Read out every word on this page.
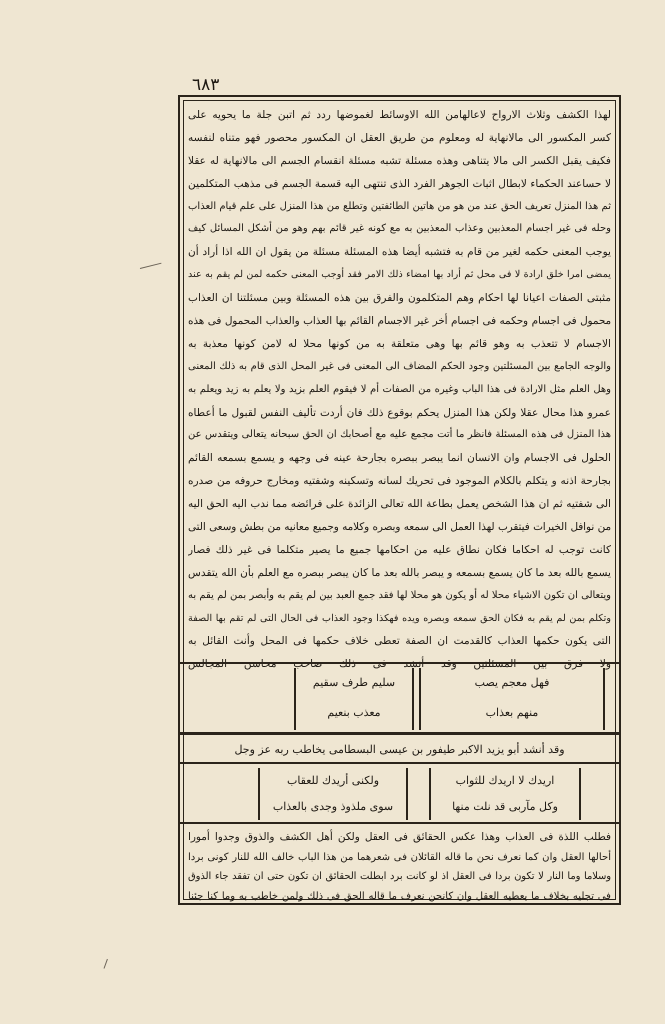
٦٨٣
لهذا الكشف وثلاث الارواح لاعالهامن الله الاوسائط لغموضها ردد ثم اتبن جلة ما يحويه على
كسر المكسور الى مالانهاية له ومعلوم من طريق العقل ان المكسور محصور فهو متناه لنفسه
فكيف يقبل الكسر الى مالا يتناهى وهذه مسئلة تشبه مسئلة انقسام الجسم الى مالانهاية له عقلا
لا حساعند الحكماء لابطال اثبات الجوهر الفرد الذى تنتهى اليه قسمة الجسم فى مذهب المتكلمين
ثم هذا المنزل تعريف الحق عند من هو من هاتين الطائفتين وتطلع من هذا المنزل على علم قيام العذاب
وحله فى غير اجسام المعذبين وعذاب المعذبين به مع كونه غير قائم بهم وهو من أشكل المسائل كيف
يوجب المعنى حكمه لغير من قام به فتشبه أيضا هذه المسئلة مسئلة من يقول ان الله اذا أراد أن
يمضى امرا خلق ارادة لا فى محل ثم أراد بها امضاء ذلك الامر فقد أوجب المعنى حكمه لمن لم يقم به عند
مثبتى الصفات اعيانا لها احكام وهم المتكلمون والفرق بين هذه المسئلة وبين مسئلتنا ان العذاب
محمول فى اجسام وحكمه فى اجسام أخر غير الاجسام القائم بها العذاب والعذاب المحمول فى هذه
الاجسام لا تتعذب به وهو قائم بها وهى متعلقة به من كونها محلا له لامن كونها معذبة به
والوجه الجامع بين المسئلتين وجود الحكم المضاف الى المعنى فى غير المحل الذى قام به ذلك المعنى
وهل العلم مثل الارادة فى هذا الباب وغيره من الصفات أم لا فيقوم العلم بزيد ولا يعلم به زيد ويعلم به
عمرو هذا محال عقلا ولكن هذا المنزل يحكم بوقوع ذلك فان أردت تأليف النفس لقبول ما أعطاه
هذا المنزل فى هذه المسئلة فانظر ما أتت مجمع عليه مع أصحابك ان الحق سبحانه يتعالى ويتقدس عن
الحلول فى الاجسام وان الانسان انما يبصر ببصره بجارحة عينه فى وجهه و يسمع بسمعه القائم
بجارحة اذنه و يتكلم بالكلام الموجود فى تحريك لسانه وتسكينه وشفتيه ومخارج حروفه من صدره
الى شفتيه ثم ان هذا الشخص يعمل بطاعة الله تعالى الزائدة على فرائضه مما ندب اليه الحق اليه
من نوافل الخيرات فيتقرب لهذا العمل الى سمعه وبصره وكلامه وجميع معانيه من بطش وسعى التى
كانت توجب له احكاما فكان نطاق عليه من احكامها جميع ما يصير متكلما فى غير ذلك فصار
يسمع بالله بعد ما كان يسمع بسمعه و يبصر بالله بعد ما كان يبصر ببصره مع العلم بأن الله يتقدس
ويتعالى ان تكون الاشياء محلا له أو يكون هو محلا لها فقد جمع العبد بين لم يقم به وأبصر بمن لم يقم به
وتكلم بمن لم يقم به فكان الحق سمعه وبصره ويده فهكذا وجود العذاب فى الحال التى لم تقم بها الصفة
التى يكون حكمها العذاب كالقدمت ان الصفة تعطى خلاف حكمها فى المحل وأنت القائل به
ولا فرق بين المسئلتين وقد أنشد فى ذلك صاحب محاسن المجالس
فهل معجم يصب
منهم بعذاب
سليم طرف سقيم
معذب بنعيم
وقد أنشد أبو يزيد الاكبر طيفور بن عيسى البسطامى يخاطب ربه عز وجل
اريدك لا اريدك للثواب
وكل مآربى قد نلت منها
ولكنى أريدك للعقاب
سوى ملذوذ وجدى بالعذاب
فطلب اللذة فى العذاب وهذا عكس الحقائق فى العقل ولكن أهل الكشف والذوق وجدوا أمورا
أحالها العقل وان كما نعرف نحن ما قاله القائلان فى شعرهما من هذا الباب خالف الله للنار كونى بردا
وسلاما وما النار لا تكون بردا فى العقل اذ لو كانت برد ابطلت الحقائق ان تكون حتى ان تفقد جاء الذوق
فى تجليه بخلاف ما يعطيه العقل وان كانحن نعرف ما قاله الحق فى ذلك ولمن خاطب به وما كنا جئنا
